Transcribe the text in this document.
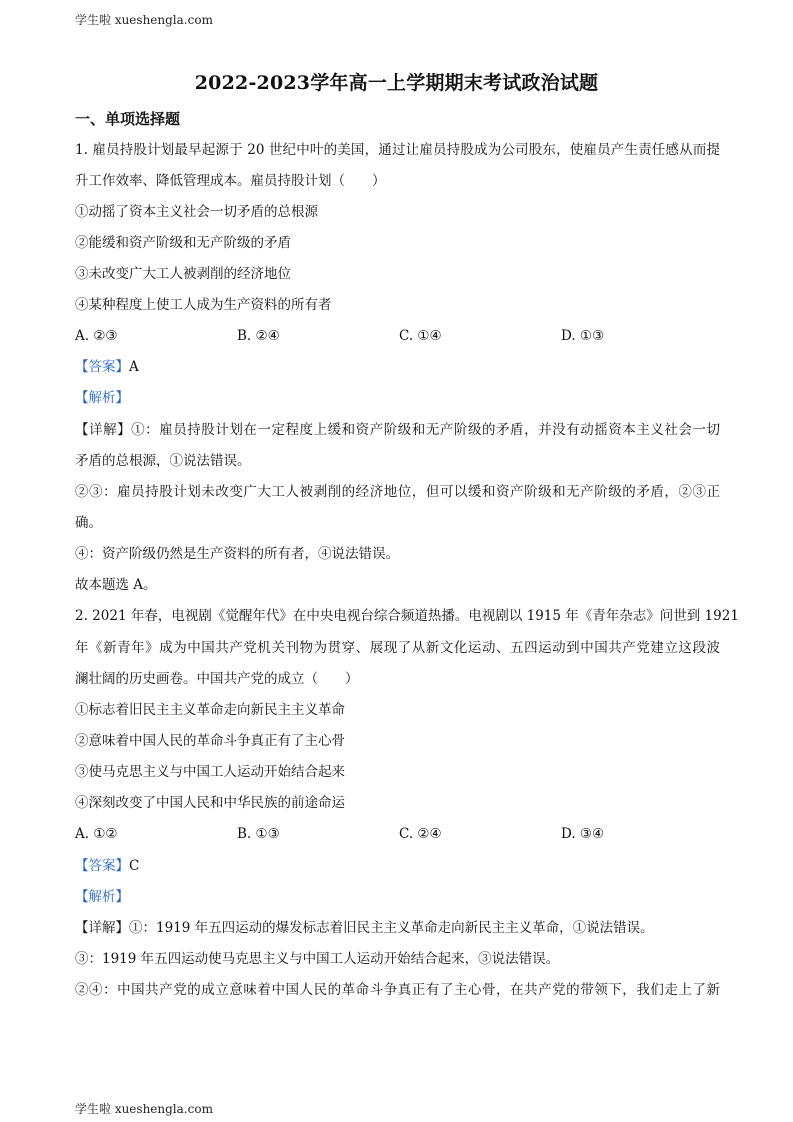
学生啦 xueshengla.com
2022-2023学年高一上学期期末考试政治试题
一、单项选择题
1. 雇员持股计划最早起源于 20 世纪中叶的美国，通过让雇员持股成为公司股东，使雇员产生责任感从而提
升工作效率、降低管理成本。雇员持股计划（　　）
①动摇了资本主义社会一切矛盾的总根源
②能缓和资产阶级和无产阶级的矛盾
③未改变广大工人被剥削的经济地位
④某种程度上使工人成为生产资料的所有者
A. ②③	B. ②④	C. ①④	D. ①③
【答案】A
【解析】
【详解】①：雇员持股计划在一定程度上缓和资产阶级和无产阶级的矛盾，并没有动摇资本主义社会一切
矛盾的总根源，①说法错误。
②③：雇员持股计划未改变广大工人被剥削的经济地位，但可以缓和资产阶级和无产阶级的矛盾，②③正
确。
④：资产阶级仍然是生产资料的所有者，④说法错误。
故本题选 A。
2. 2021 年春，电视剧《觉醒年代》在中央电视台综合频道热播。电视剧以 1915 年《青年杂志》问世到 1921
年《新青年》成为中国共产党机关刊物为贯穿、展现了从新文化运动、五四运动到中国共产党建立这段波
澜壮阔的历史画卷。中国共产党的成立（　　）
①标志着旧民主主义革命走向新民主主义革命
②意味着中国人民的革命斗争真正有了主心骨
③使马克思主义与中国工人运动开始结合起来
④深刻改变了中国人民和中华民族的前途命运
A. ①②	B. ①③	C. ②④	D. ③④
【答案】C
【解析】
【详解】①：1919 年五四运动的爆发标志着旧民主主义革命走向新民主主义革命，①说法错误。
③：1919 年五四运动使马克思主义与中国工人运动开始结合起来，③说法错误。
②④：中国共产党的成立意味着中国人民的革命斗争真正有了主心骨，在共产党的带领下，我们走上了新
学生啦 xueshengla.com
